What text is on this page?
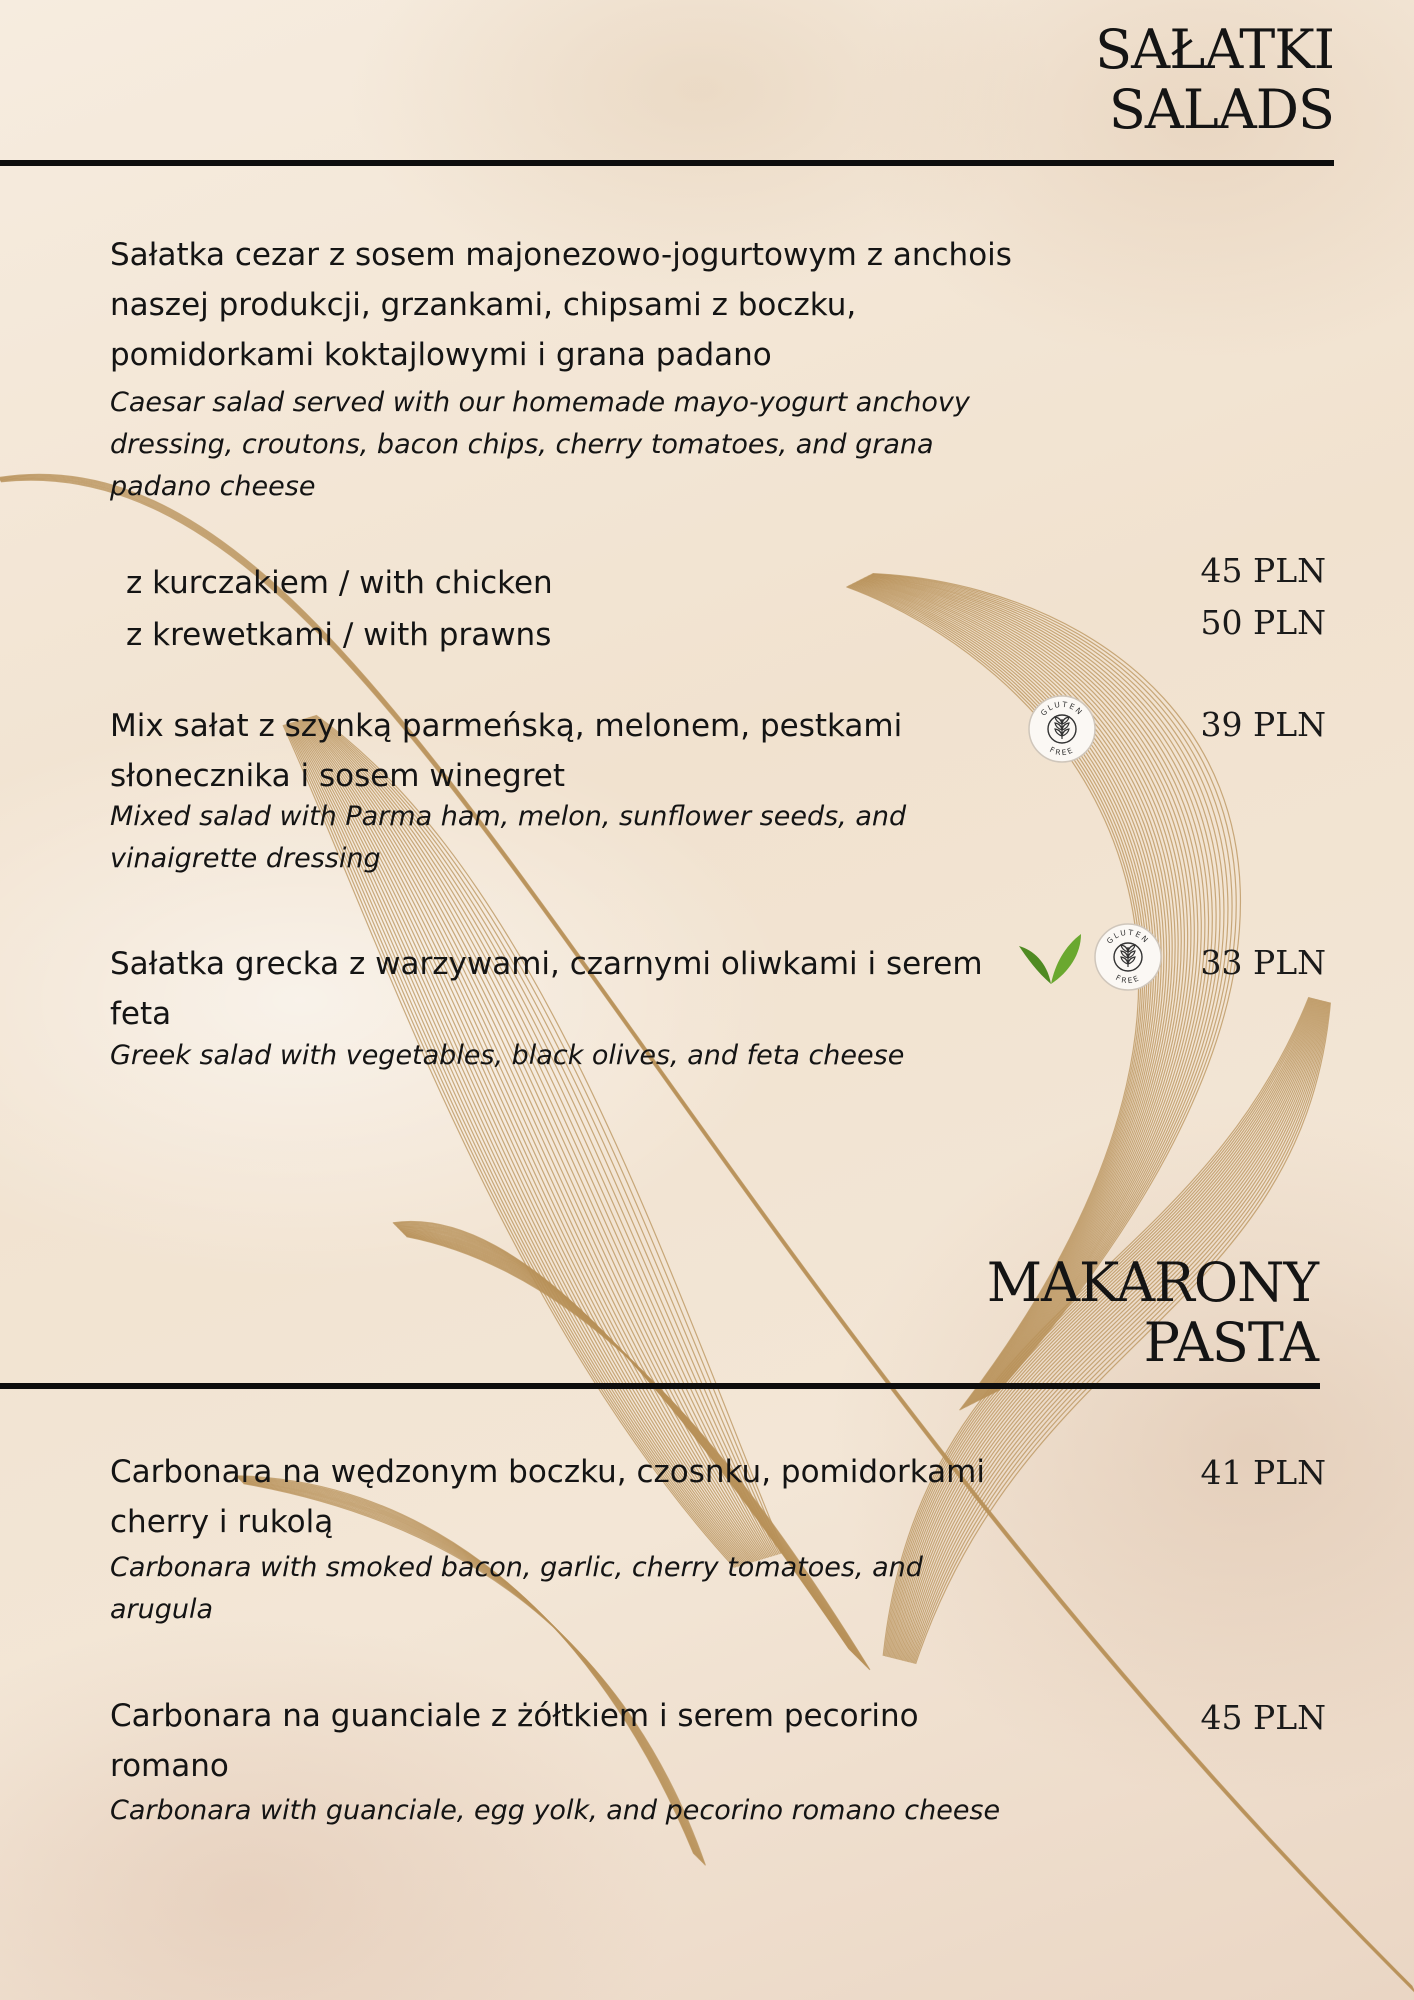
SAŁATKI
SALADS
Sałatka cezar z sosem majonezowo-jogurtowym z anchois
naszej produkcji, grzankami, chipsami z boczku,
pomidorkami koktajlowymi i grana padano
Caesar salad served with our homemade mayo-yogurt anchovy
dressing, croutons, bacon chips, cherry tomatoes, and grana
padano cheese
z kurczakiem / with chicken	45 PLN
z krewetkami / with prawns	50 PLN
Mix sałat z szynką parmeńską, melonem, pestkami
słonecznika i sosem winegret
Mixed salad with Parma ham, melon, sunflower seeds, and
vinaigrette dressing
GLUTEN
FREE
39 PLN
Sałatka grecka z warzywami, czarnymi oliwkami i serem
feta
Greek salad with vegetables, black olives, and feta cheese
GLUTEN
FREE	33 PLN
MAKARONY
PASTA
Carbonara na wędzonym boczku, czosnku, pomidorkami
cherry i rukolą
Carbonara with smoked bacon, garlic, cherry tomatoes, and
arugula
41 PLN
Carbonara na guanciale z żółtkiem i serem pecorino
romano
Carbonara with guanciale, egg yolk, and pecorino romano cheese
45 PLN
